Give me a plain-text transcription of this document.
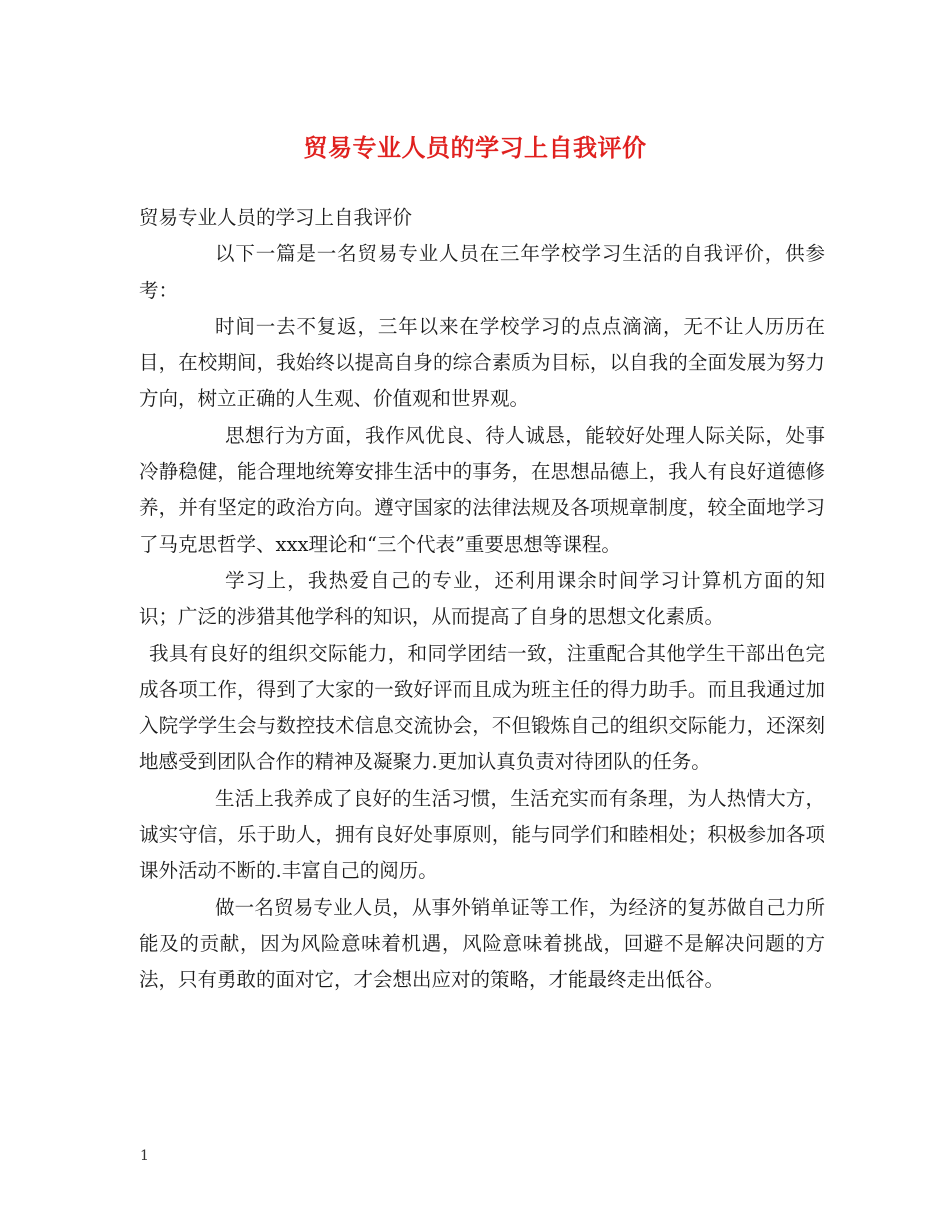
贸易专业人员的学习上自我评价

贸易专业人员的学习上自我评价

以下一篇是一名贸易专业人员在三年学校学习生活的自我评价，供参考：

时间一去不复返，三年以来在学校学习的点点滴滴，无不让人历历在目，在校期间，我始终以提高自身的综合素质为目标，以自我的全面发展为努力方向，树立正确的人生观、价值观和世界观。

思想行为方面，我作风优良、待人诚恳，能较好处理人际关际，处事冷静稳健，能合理地统筹安排生活中的事务，在思想品德上，我人有良好道德修养，并有坚定的政治方向。遵守国家的法律法规及各项规章制度，较全面地学习了马克思哲学、xxx理论和“三个代表”重要思想等课程。

学习上，我热爱自己的专业，还利用课余时间学习计算机方面的知识；广泛的涉猎其他学科的知识，从而提高了自身的思想文化素质。

我具有良好的组织交际能力，和同学团结一致，注重配合其他学生干部出色完成各项工作，得到了大家的一致好评而且成为班主任的得力助手。而且我通过加入院学学生会与数控技术信息交流协会，不但锻炼自己的组织交际能力，还深刻地感受到团队合作的精神及凝聚力.更加认真负责对待团队的任务。

生活上我养成了良好的生活习惯，生活充实而有条理，为人热情大方，诚实守信，乐于助人，拥有良好处事原则，能与同学们和睦相处；积极参加各项课外活动不断的.丰富自己的阅历。

做一名贸易专业人员，从事外销单证等工作，为经济的复苏做自己力所能及的贡献，因为风险意味着机遇，风险意味着挑战，回避不是解决问题的方法，只有勇敢的面对它，才会想出应对的策略，才能最终走出低谷。

1
